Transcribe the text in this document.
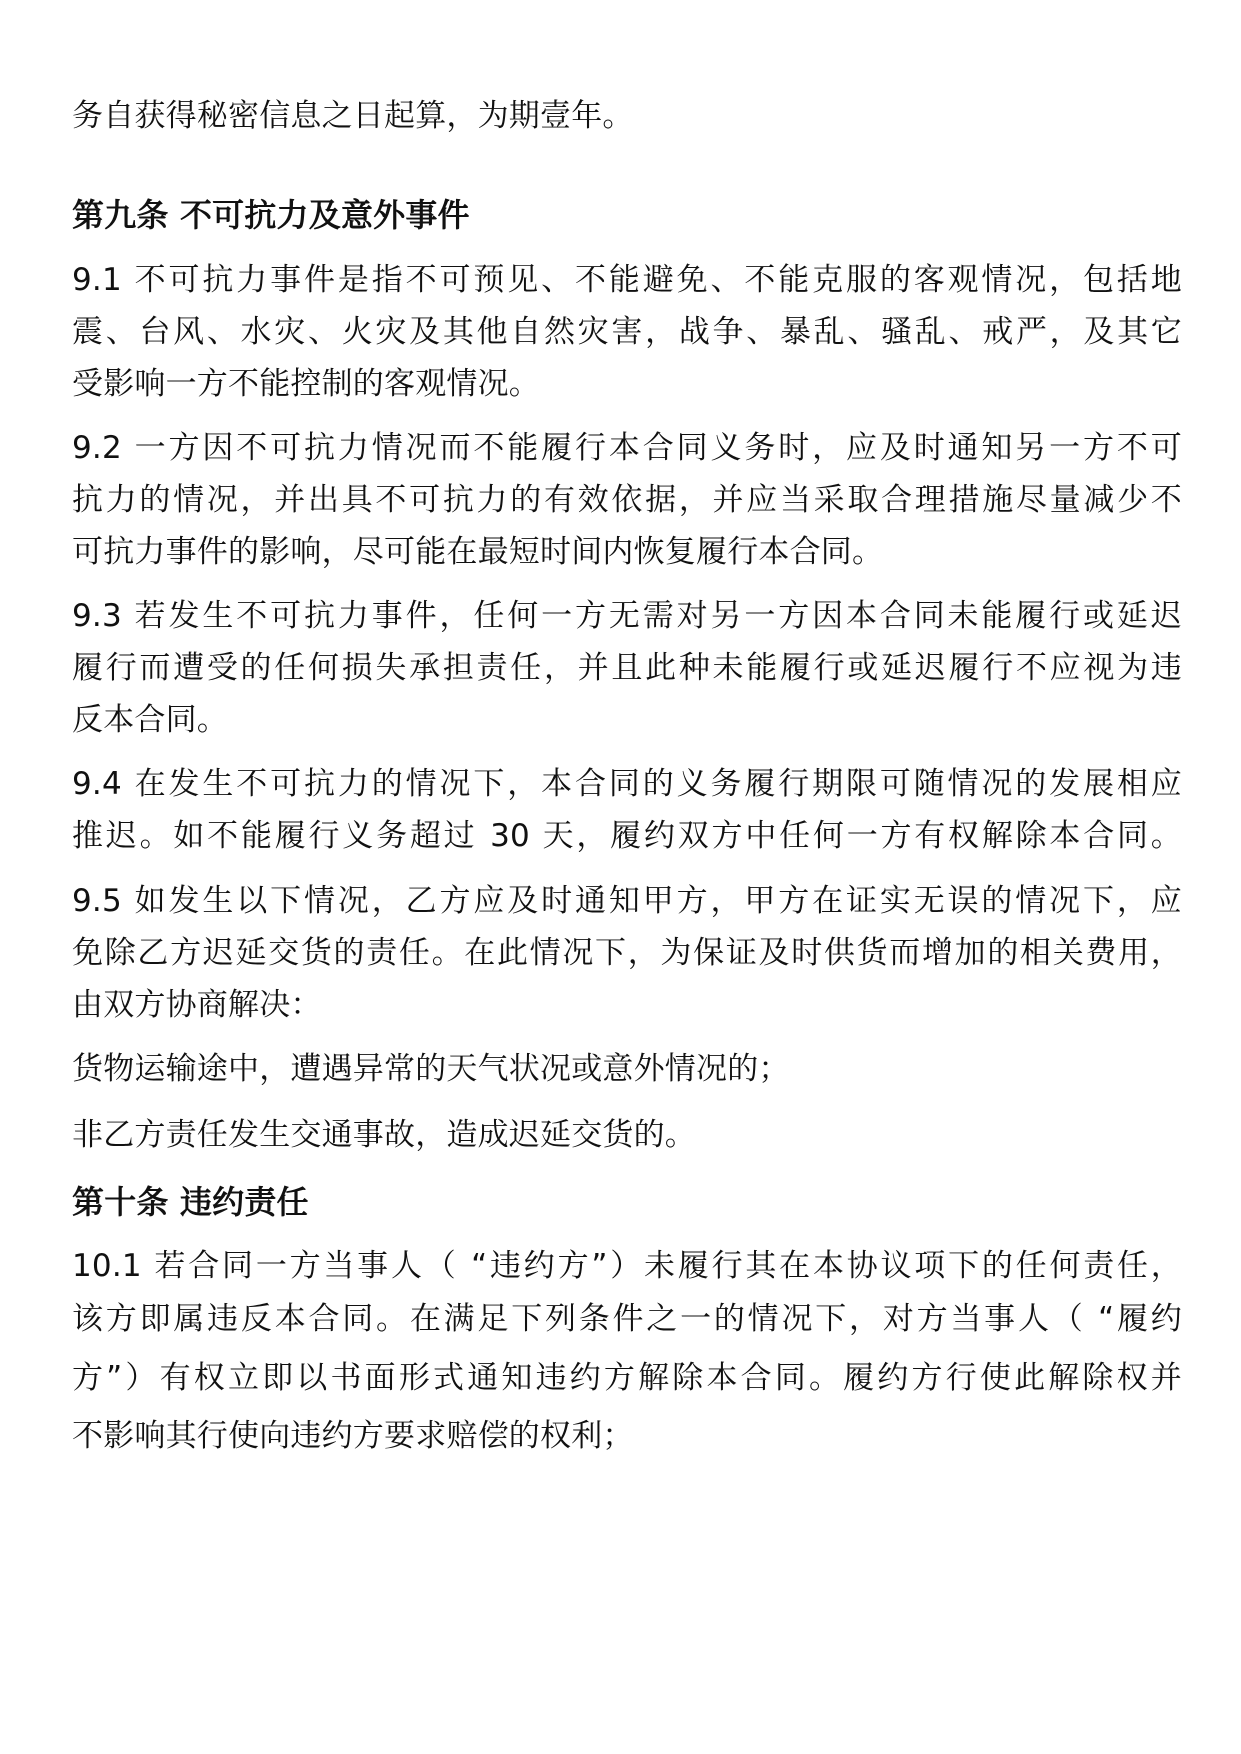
务自获得秘密信息之日起算，为期壹年。
第九条 不可抗力及意外事件
9.1 不可抗力事件是指不可预见、不能避免、不能克服的客观情况，包括地
震、台风、水灾、火灾及其他自然灾害，战争、暴乱、骚乱、戒严，及其它
受影响一方不能控制的客观情况。
9.2 一方因不可抗力情况而不能履行本合同义务时，应及时通知另一方不可
抗力的情况，并出具不可抗力的有效依据，并应当采取合理措施尽量减少不
可抗力事件的影响，尽可能在最短时间内恢复履行本合同。
9.3 若发生不可抗力事件，任何一方无需对另一方因本合同未能履行或延迟
履行而遭受的任何损失承担责任，并且此种未能履行或延迟履行不应视为违
反本合同。
9.4 在发生不可抗力的情况下，本合同的义务履行期限可随情况的发展相应
推迟。如不能履行义务超过 30 天，履约双方中任何一方有权解除本合同。
9.5 如发生以下情况，乙方应及时通知甲方，甲方在证实无误的情况下，应
免除乙方迟延交货的责任。在此情况下，为保证及时供货而增加的相关费用，
由双方协商解决：
货物运输途中，遭遇异常的天气状况或意外情况的；
非乙方责任发生交通事故，造成迟延交货的。
第十条 违约责任
10.1 若合同一方当事人（ “违约方”）未履行其在本协议项下的任何责任，
该方即属违反本合同。在满足下列条件之一的情况下，对方当事人（ “履约
方”）有权立即以书面形式通知违约方解除本合同。履约方行使此解除权并
不影响其行使向违约方要求赔偿的权利；
